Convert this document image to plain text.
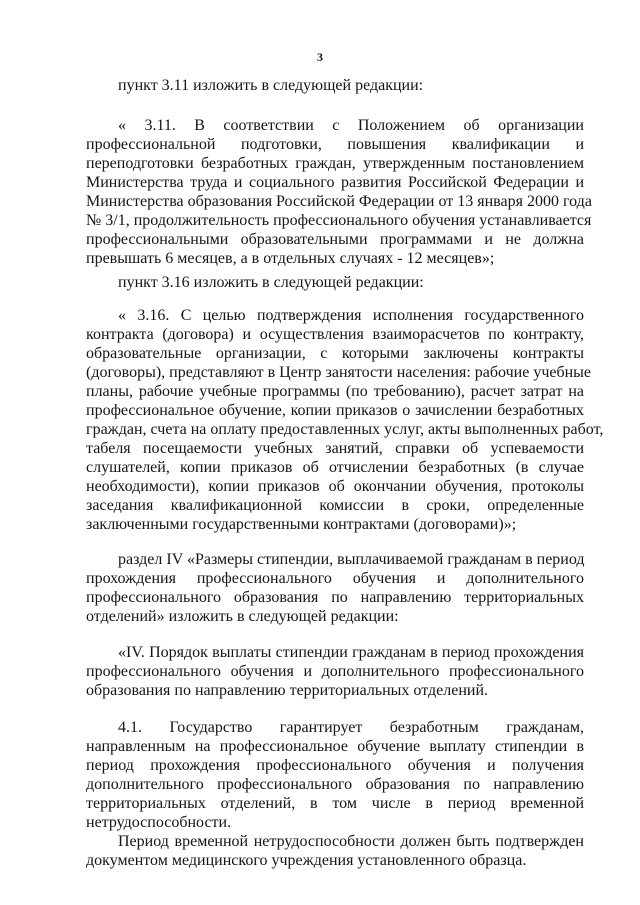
3
пункт 3.11 изложить в следующей редакции:
« 3.11. В соответствии с Положением об организации
профессиональной подготовки, повышения квалификации и
переподготовки безработных граждан, утвержденным постановлением
Министерства труда и социального развития Российской Федерации и
Министерства образования Российской Федерации от 13 января 2000 года
№ 3/1, продолжительность профессионального обучения устанавливается
профессиональными образовательными программами и не должна
превышать 6 месяцев, а в отдельных случаях - 12 месяцев»;
пункт 3.16 изложить в следующей редакции:
« 3.16. С целью подтверждения исполнения государственного
контракта (договора) и осуществления взаиморасчетов по контракту,
образовательные организации, с которыми заключены контракты
(договоры), представляют в Центр занятости населения: рабочие учебные
планы, рабочие учебные программы (по требованию), расчет затрат на
профессиональное обучение, копии приказов о зачислении безработных
граждан, счета на оплату предоставленных услуг, акты выполненных работ,
табеля посещаемости учебных занятий, справки об успеваемости
слушателей, копии приказов об отчислении безработных (в случае
необходимости), копии приказов об окончании обучения, протоколы
заседания квалификационной комиссии в сроки, определенные
заключенными государственными контрактами (договорами)»;
раздел IV «Размеры стипендии, выплачиваемой гражданам в период
прохождения профессионального обучения и дополнительного
профессионального образования по направлению территориальных
отделений» изложить в следующей редакции:
«IV. Порядок выплаты стипендии гражданам в период прохождения
профессионального обучения и дополнительного профессионального
образования по направлению территориальных отделений.
4.1. Государство гарантирует безработным гражданам,
направленным на профессиональное обучение выплату стипендии в
период прохождения профессионального обучения и получения
дополнительного профессионального образования по направлению
территориальных отделений, в том числе в период временной
нетрудоспособности.
Период временной нетрудоспособности должен быть подтвержден
документом медицинского учреждения установленного образца.
